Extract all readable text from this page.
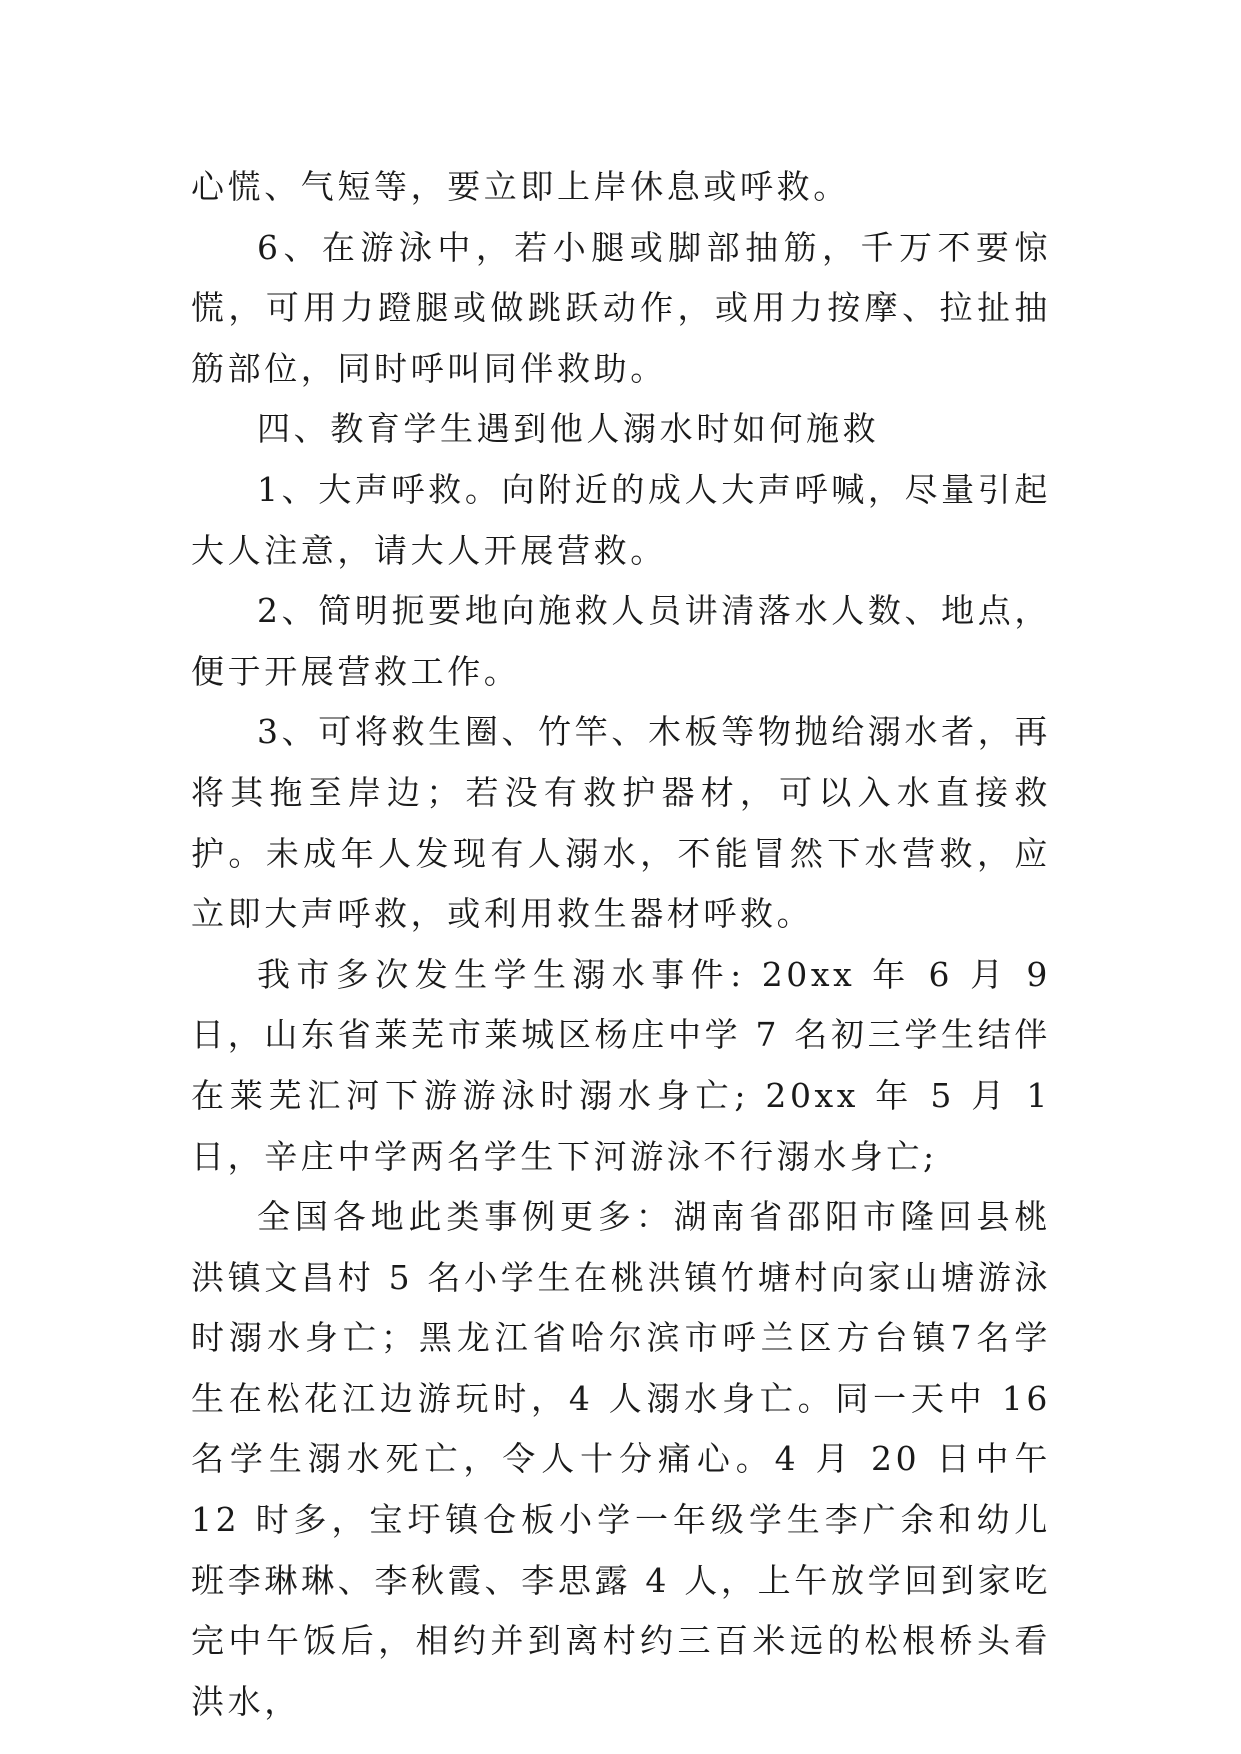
心慌、气短等，要立即上岸休息或呼救。

6、在游泳中，若小腿或脚部抽筋，千万不要惊慌，可用力蹬腿或做跳跃动作，或用力按摩、拉扯抽筋部位，同时呼叫同伴救助。

四、教育学生遇到他人溺水时如何施救

1、大声呼救。向附近的成人大声呼喊，尽量引起大人注意，请大人开展营救。

2、简明扼要地向施救人员讲清落水人数、地点，便于开展营救工作。

3、可将救生圈、竹竿、木板等物抛给溺水者，再将其拖至岸边；若没有救护器材，可以入水直接救护。未成年人发现有人溺水，不能冒然下水营救，应立即大声呼救，或利用救生器材呼救。

我市多次发生学生溺水事件: 20xx 年 6 月 9 日，山东省莱芜市莱城区杨庄中学 7 名初三学生结伴在莱芜汇河下游游泳时溺水身亡; 20xx 年 5 月 1 日，辛庄中学两名学生下河游泳不行溺水身亡;

全国各地此类事例更多：湖南省邵阳市隆回县桃洪镇文昌村 5 名小学生在桃洪镇竹塘村向家山塘游泳时溺水身亡；黑龙江省哈尔滨市呼兰区方台镇7名学生在松花江边游玩时，4 人溺水身亡。同一天中 16 名学生溺水死亡，令人十分痛心。4 月 20 日中午 12 时多，宝圩镇仓板小学一年级学生李广余和幼儿班李琳琳、李秋霞、李思露 4 人，上午放学回到家吃完中午饭后，相约并到离村约三百米远的松根桥头看洪水，
